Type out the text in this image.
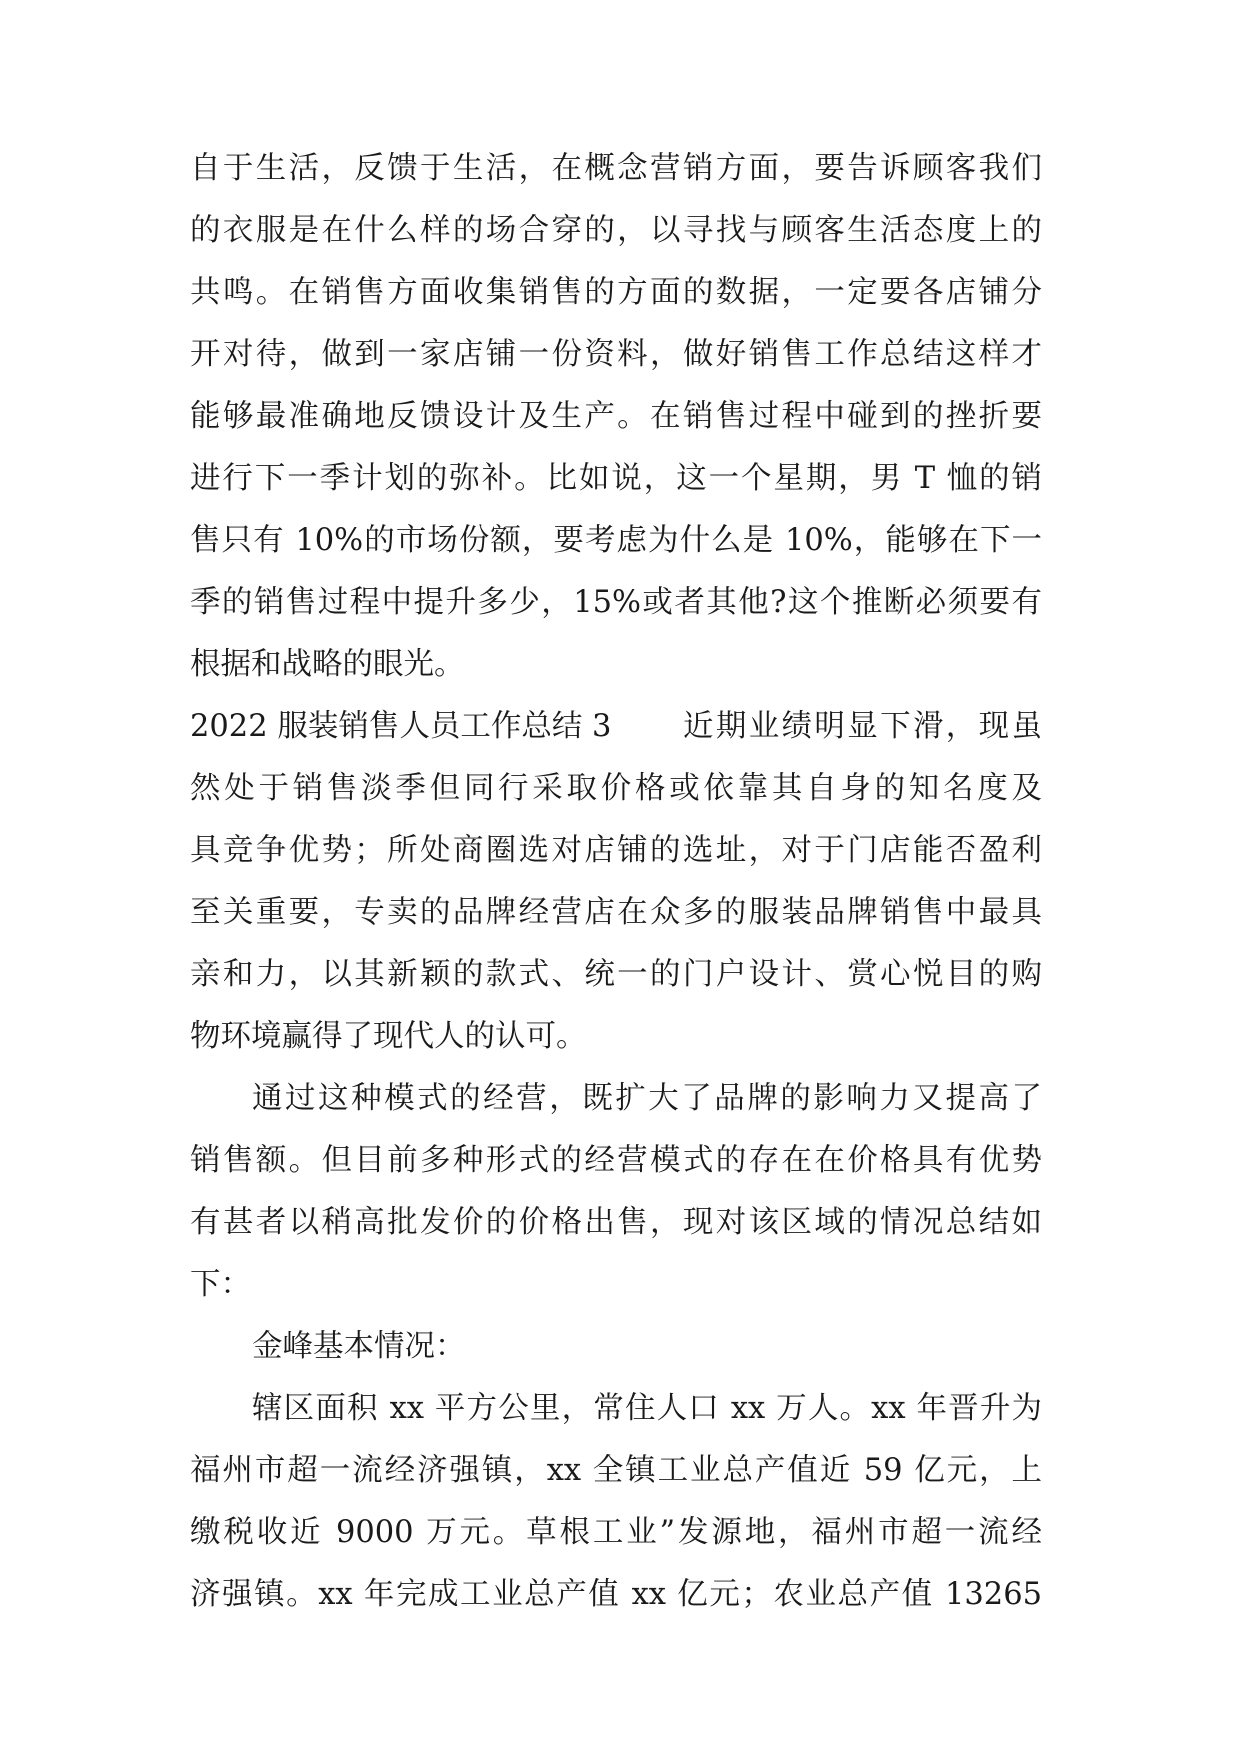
自于生活，反馈于生活，在概念营销方面，要告诉顾客我们

的衣服是在什么样的场合穿的，以寻找与顾客生活态度上的

共鸣。在销售方面收集销售的方面的数据，一定要各店铺分

开对待，做到一家店铺一份资料，做好销售工作总结这样才

能够最准确地反馈设计及生产。在销售过程中碰到的挫折要

进行下一季计划的弥补。比如说，这一个星期，男 T 恤的销

售只有 10%的市场份额，要考虑为什么是 10%，能够在下一

季的销售过程中提升多少，15%或者其他?这个推断必须要有

根据和战略的眼光。

2022 服装销售人员工作总结 3

近期业绩明显下滑，现虽

然处于销售淡季但同行采取价格或依靠其自身的知名度及

具竞争优势；所处商圈选对店铺的选址，对于门店能否盈利

至关重要，专卖的品牌经营店在众多的服装品牌销售中最具

亲和力，以其新颖的款式、统一的门户设计、赏心悦目的购

物环境赢得了现代人的认可。

通过这种模式的经营，既扩大了品牌的影响力又提高了

销售额。但目前多种形式的经营模式的存在在价格具有优势

有甚者以稍高批发价的价格出售，现对该区域的情况总结如

下：

金峰基本情况：

辖区面积 xx 平方公里，常住人口 xx 万人。xx 年晋升为

福州市超一流经济强镇，xx 全镇工业总产值近 59 亿元，上

缴税收近 9000 万元。草根工业”发源地，福州市超一流经

济强镇。xx 年完成工业总产值 xx 亿元；农业总产值 13265
